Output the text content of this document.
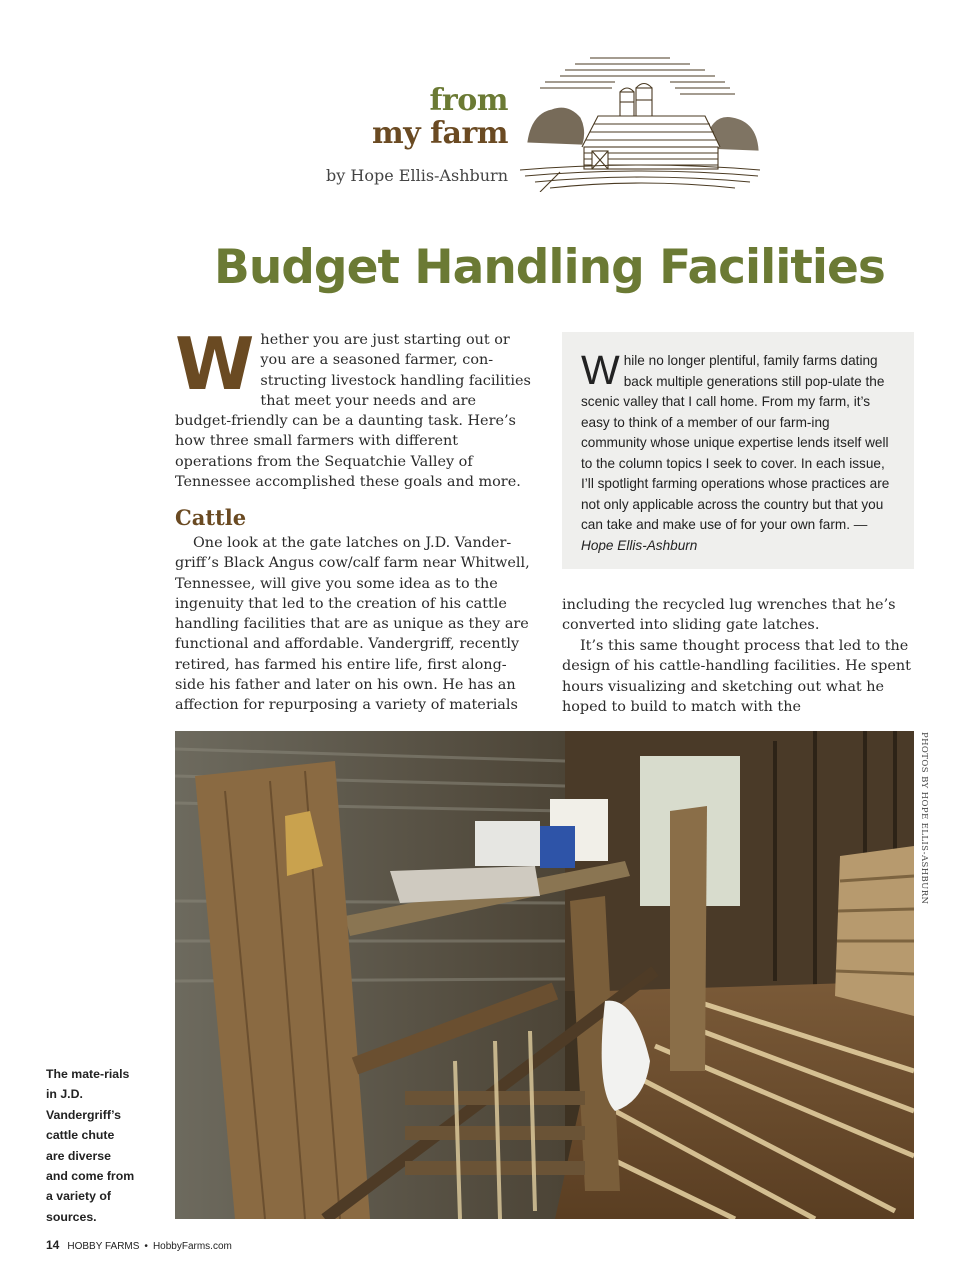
from
my farm
by Hope Ellis-Ashburn
Budget Handling Facilities
W hether you are just starting out or you are a seasoned farmer, con-structing livestock handling facilities that meet your needs and are budget-friendly can be a daunting task. Here’s how three small farmers with different operations from the Sequatchie Valley of Tennessee accomplished these goals and more.
Cattle
One look at the gate latches on J.D. Vander-griff’s Black Angus cow/calf farm near Whitwell, Tennessee, will give you some idea as to the ingenuity that led to the creation of his cattle handling facilities that are as unique as they are functional and affordable. Vandergriff, recently retired, has farmed his entire life, first along-side his father and later on his own. He has an affection for repurposing a variety of materials
W hile no longer plentiful, family farms dating back multiple generations still pop-ulate the scenic valley that I call home. From my farm, it’s easy to think of a member of our farm-ing community whose unique expertise lends itself well to the column topics I seek to cover. In each issue, I’ll spotlight farming operations whose practices are not only applicable across the country but that you can take and make use of for your own farm. — Hope Ellis-Ashburn
including the recycled lug wrenches that he’s converted into sliding gate latches.
It’s this same thought process that led to the design of his cattle-handling facilities. He spent hours visualizing and sketching out what he hoped to build to match with the
PHOTOS BY HOPE ELLIS-ASHBURN
The mate-rials in J.D. Vandergriff’s cattle chute are diverse and come from a variety of sources.
14 HOBBY FARMS • HobbyFarms.com
